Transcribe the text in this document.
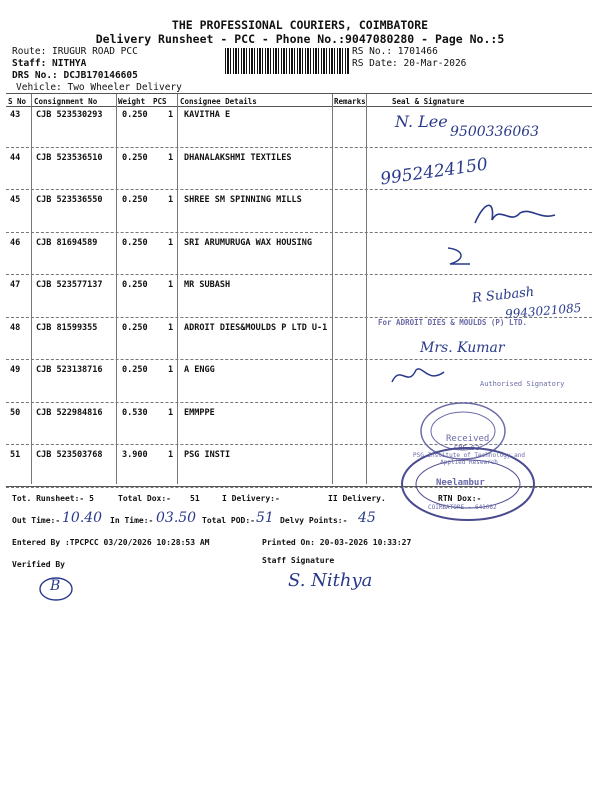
THE PROFESSIONAL COURIERS, COIMBATORE
Delivery Runsheet - PCC - Phone No.:9047080280 - Page No.:5
Route: IRUGUR ROAD PCC
Staff: NITHYA
DRS No.: DCJB170146605
Vehicle: Two Wheeler Delivery
RS No.: 1701466
RS Date: 20-Mar-2026
S No Consignment No	Weight PCS Consignee Details	Remarks	Seal & Signature
43 CJB 523530293 0.250 1 KAVITHA E
44 CJB 523536510 0.250 1 DHANALAKSHMI TEXTILES
45 CJB 523536550 0.250 1 SHREE SM SPINNING MILLS
46 CJB 81694589	0.250 1 SRI ARUMURUGA WAX HOUSING
47 CJB 523577137 0.250 1 MR SUBASH
48 CJB 81599355	0.250 1 ADROIT DIES&MOULDS P LTD U-1
49 CJB 523138716 0.250 1 A ENGG
50 CJB 522984816 0.530 1 EMMPPE
51 CJB 523503768 3.900 1 PSG INSTI
N. Lee
9500336063
9952424150
R Subash
9943021085
Mrs. Kumar
For ADROIT DIES & MOULDS (P) LTD.
Authorised Signatory
Received
CBE-62
PSG Institute of Technology and Applied Research
Neelambur
COIMBATORE - 641062
Tot. Runsheet:- 5	Total Dox:- 51	I Delivery:-	II Delivery.	RTN Dox:-
Out Time:- 10.40 In Time:- 03.50 Total POD:- 51 Delvy Points:- 45
Entered By :TPCPCC 03/20/2026 10:28:53 AM	Printed On: 20-03-2026 10:33:27
Verified By	Staff Signature
B	S. Nithya
